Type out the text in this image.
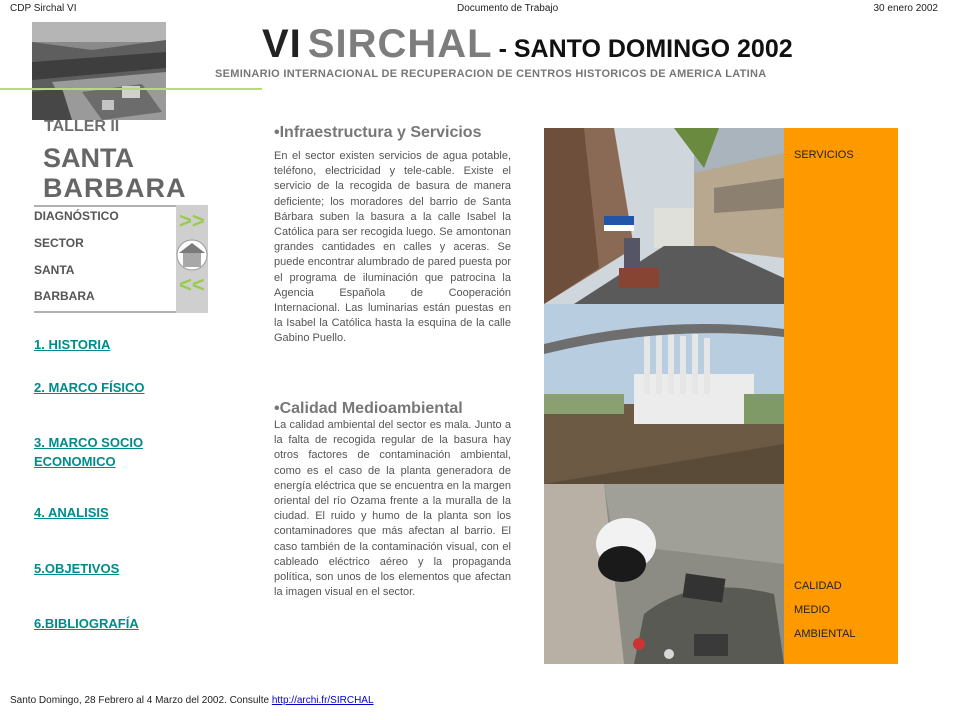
CDP Sirchal VI	Documento de Trabajo	30 enero 2002
VI SIRCHAL - SANTO DOMINGO 2002
SEMINARIO INTERNACIONAL DE RECUPERACION DE CENTROS HISTORICOS DE AMERICA LATINA
TALLER II
SANTA
BARBARA
DIAGNÓSTICO
SECTOR
SANTA
BARBARA
>>
<<
1. HISTORIA
2. MARCO FÍSICO
3. MARCO SOCIO ECONOMICO
4. ANALISIS
5.OBJETIVOS
6.BIBLIOGRAFÍA
•Infraestructura y Servicios
En el sector existen servicios de agua potable, teléfono, electricidad y tele-cable. Existe el servicio de la recogida de basura de manera deficiente; los moradores del barrio de Santa Bárbara suben la basura a la calle Isabel la Católica para ser recogida luego. Se amontonan grandes cantidades en calles y aceras. Se puede encontrar alumbrado de pared puesta por el programa de iluminación que patrocina la Agencia Española de Cooperación Internacional. Las luminarias están puestas en la Isabel la Católica hasta la esquina de la calle Gabino Puello.
•Calidad Medioambiental
La calidad ambiental del sector es mala. Junto a la falta de recogida regular de la basura hay otros factores de contaminación ambiental, como es el caso de la planta generadora de energía eléctrica que se encuentra en la margen oriental del río Ozama frente a la muralla de la ciudad. El ruido y humo de la planta son los contaminadores que más afectan al barrio. El caso también de la contaminación visual, con el cableado eléctrico aéreo y la propaganda política, son unos de los elementos que afectan la imagen visual en el sector.
SERVICIOS
CALIDAD
MEDIO
AMBIENTAL
Santo Domingo, 28 Febrero al 4 Marzo del 2002. Consulte http://archi.fr/SIRCHAL
